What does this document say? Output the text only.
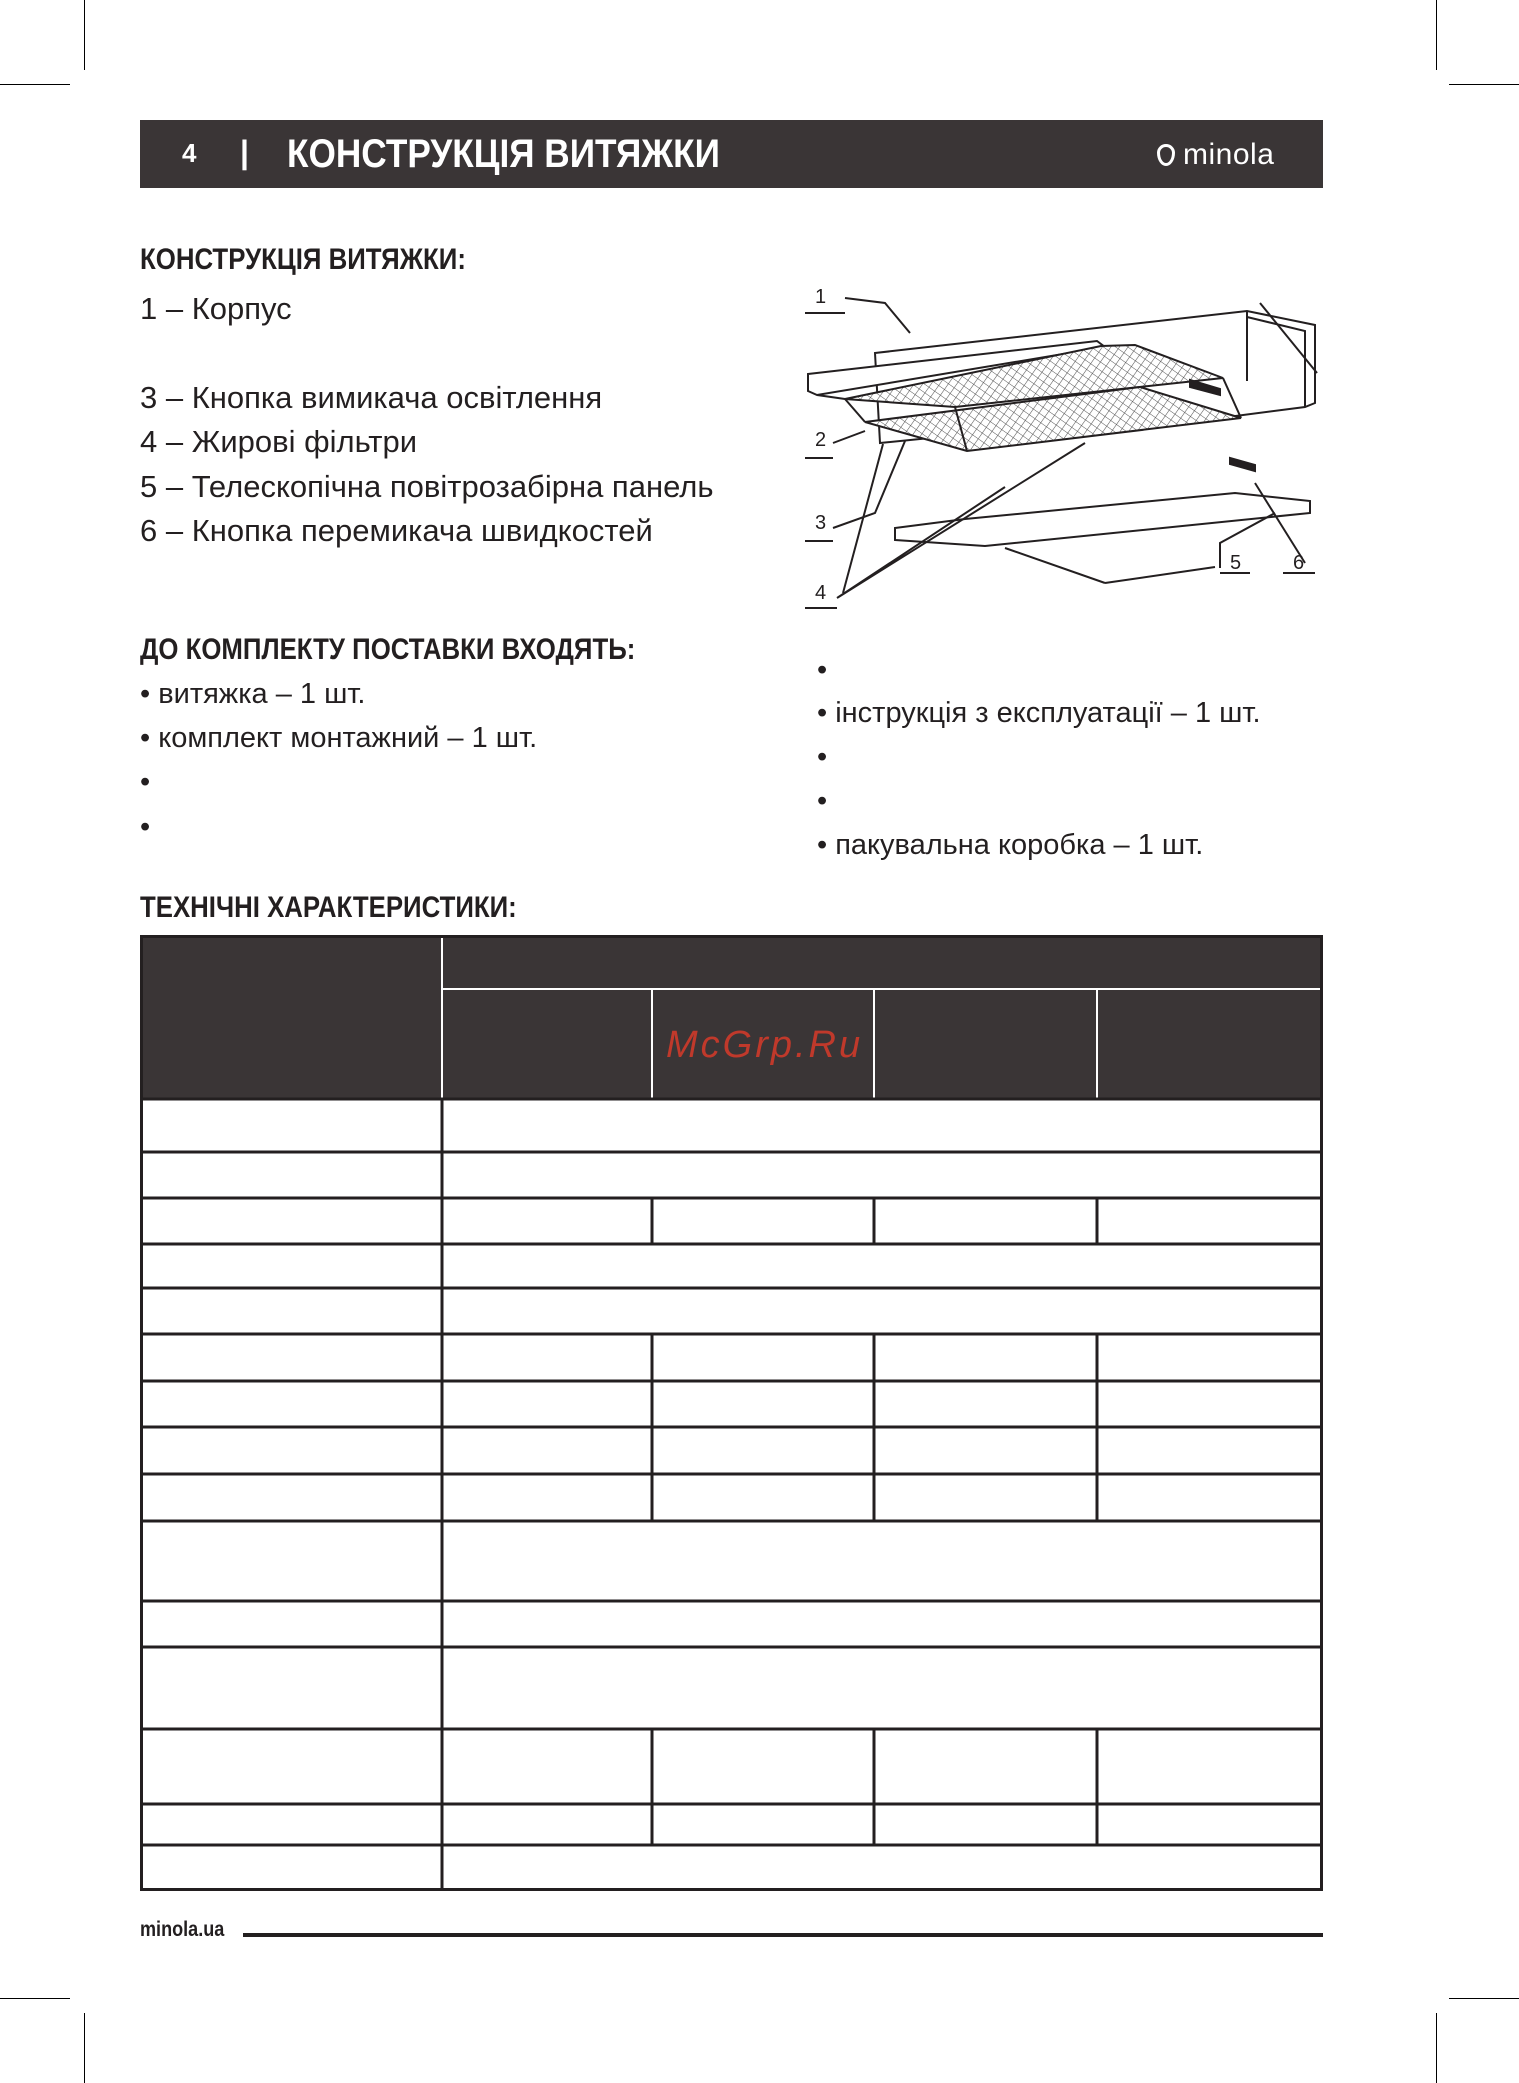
4 | КОНСТРУКЦІЯ ВИТЯЖКИ	minola
КОНСТРУКЦІЯ ВИТЯЖКИ:
1 – Корпус
3 – Кнопка вимикача освітлення
4 – Жирові фільтри
5 – Телескопічна повітрозабірна панель
6 – Кнопка перемикача швидкостей
1
2
3
4
5	6
ДО КОМПЛЕКТУ ПОСТАВКИ ВХОДЯТЬ:
• витяжка – 1 шт.
• комплект монтажний – 1 шт.
•
•
•
• інструкція з експлуатації – 1 шт.
•
•
• пакувальна коробка – 1 шт.
ТЕХНІЧНІ ХАРАКТЕРИСТИКИ:
McGrp.Ru
minola.ua
